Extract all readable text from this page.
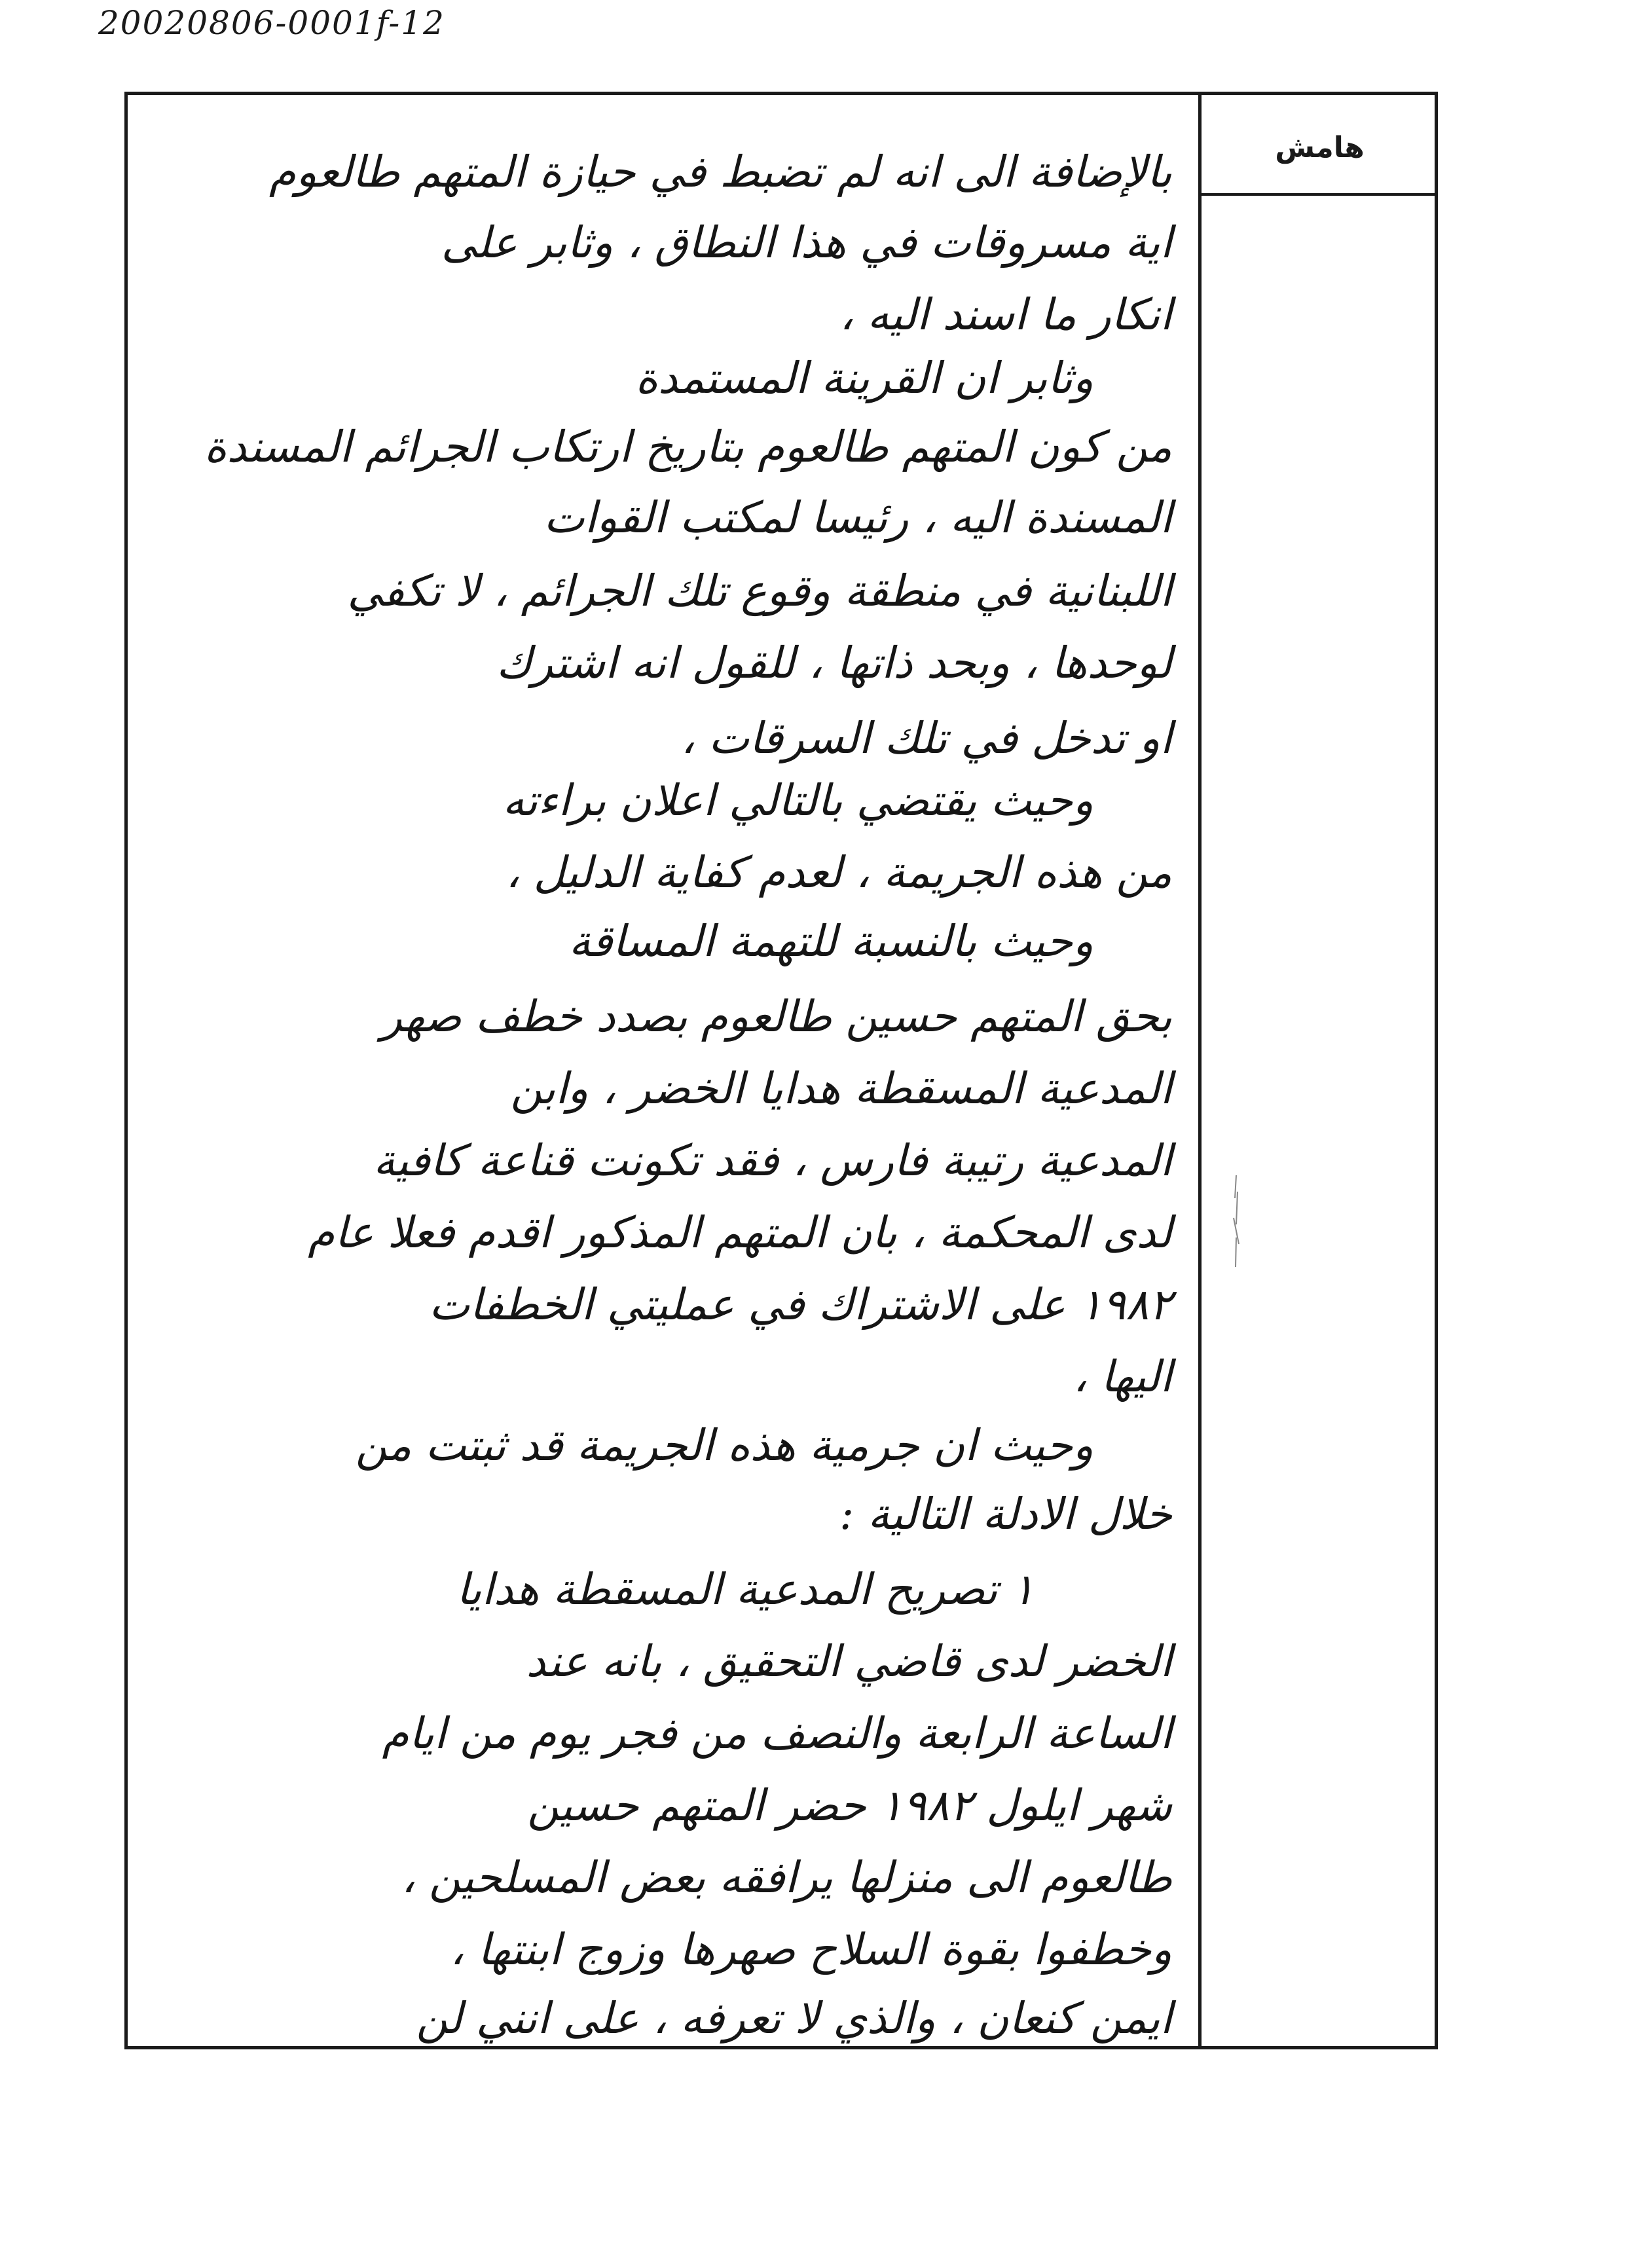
20020806-0001f-12
هامش
بالإضافة الى انه لم تضبط في حيازة المتهم طالعوم
اية مسروقات في هذا النطاق ، وثابر على
انكار ما اسند اليه ،
وثابر ان القرينة المستمدة
من كون المتهم طالعوم بتاريخ ارتكاب الجرائم المسندة
المسندة اليه ، رئيسا لمكتب القوات
اللبنانية في منطقة وقوع تلك الجرائم ، لا تكفي
لوحدها ، وبحد ذاتها ، للقول انه اشترك
او تدخل في تلك السرقات ،
وحيث يقتضي بالتالي اعلان براءته
من هذه الجريمة ، لعدم كفاية الدليل ،
وحيث بالنسبة للتهمة المساقة
بحق المتهم حسين طالعوم بصدد خطف صهر
المدعية المسقطة هدايا الخضر ، وابن
المدعية رتيبة فارس ، فقد تكونت قناعة كافية
لدى المحكمة ، بان المتهم المذكور اقدم فعلا عام
١٩٨٢ على الاشتراك في عمليتي الخطفات
اليها ،
وحيث ان جرمية هذه الجريمة قد ثبتت من
خلال الادلة التالية :
١ تصريح المدعية المسقطة هدايا
الخضر لدى قاضي التحقيق ، بانه عند
الساعة الرابعة والنصف من فجر يوم من ايام
شهر ايلول ١٩٨٢ حضر المتهم حسين
طالعوم الى منزلها يرافقه بعض المسلحين ،
وخطفوا بقوة السلاح صهرها وزوج ابنتها ،
ايمن كنعان ، والذي لا تعرفه ، على انني لن
